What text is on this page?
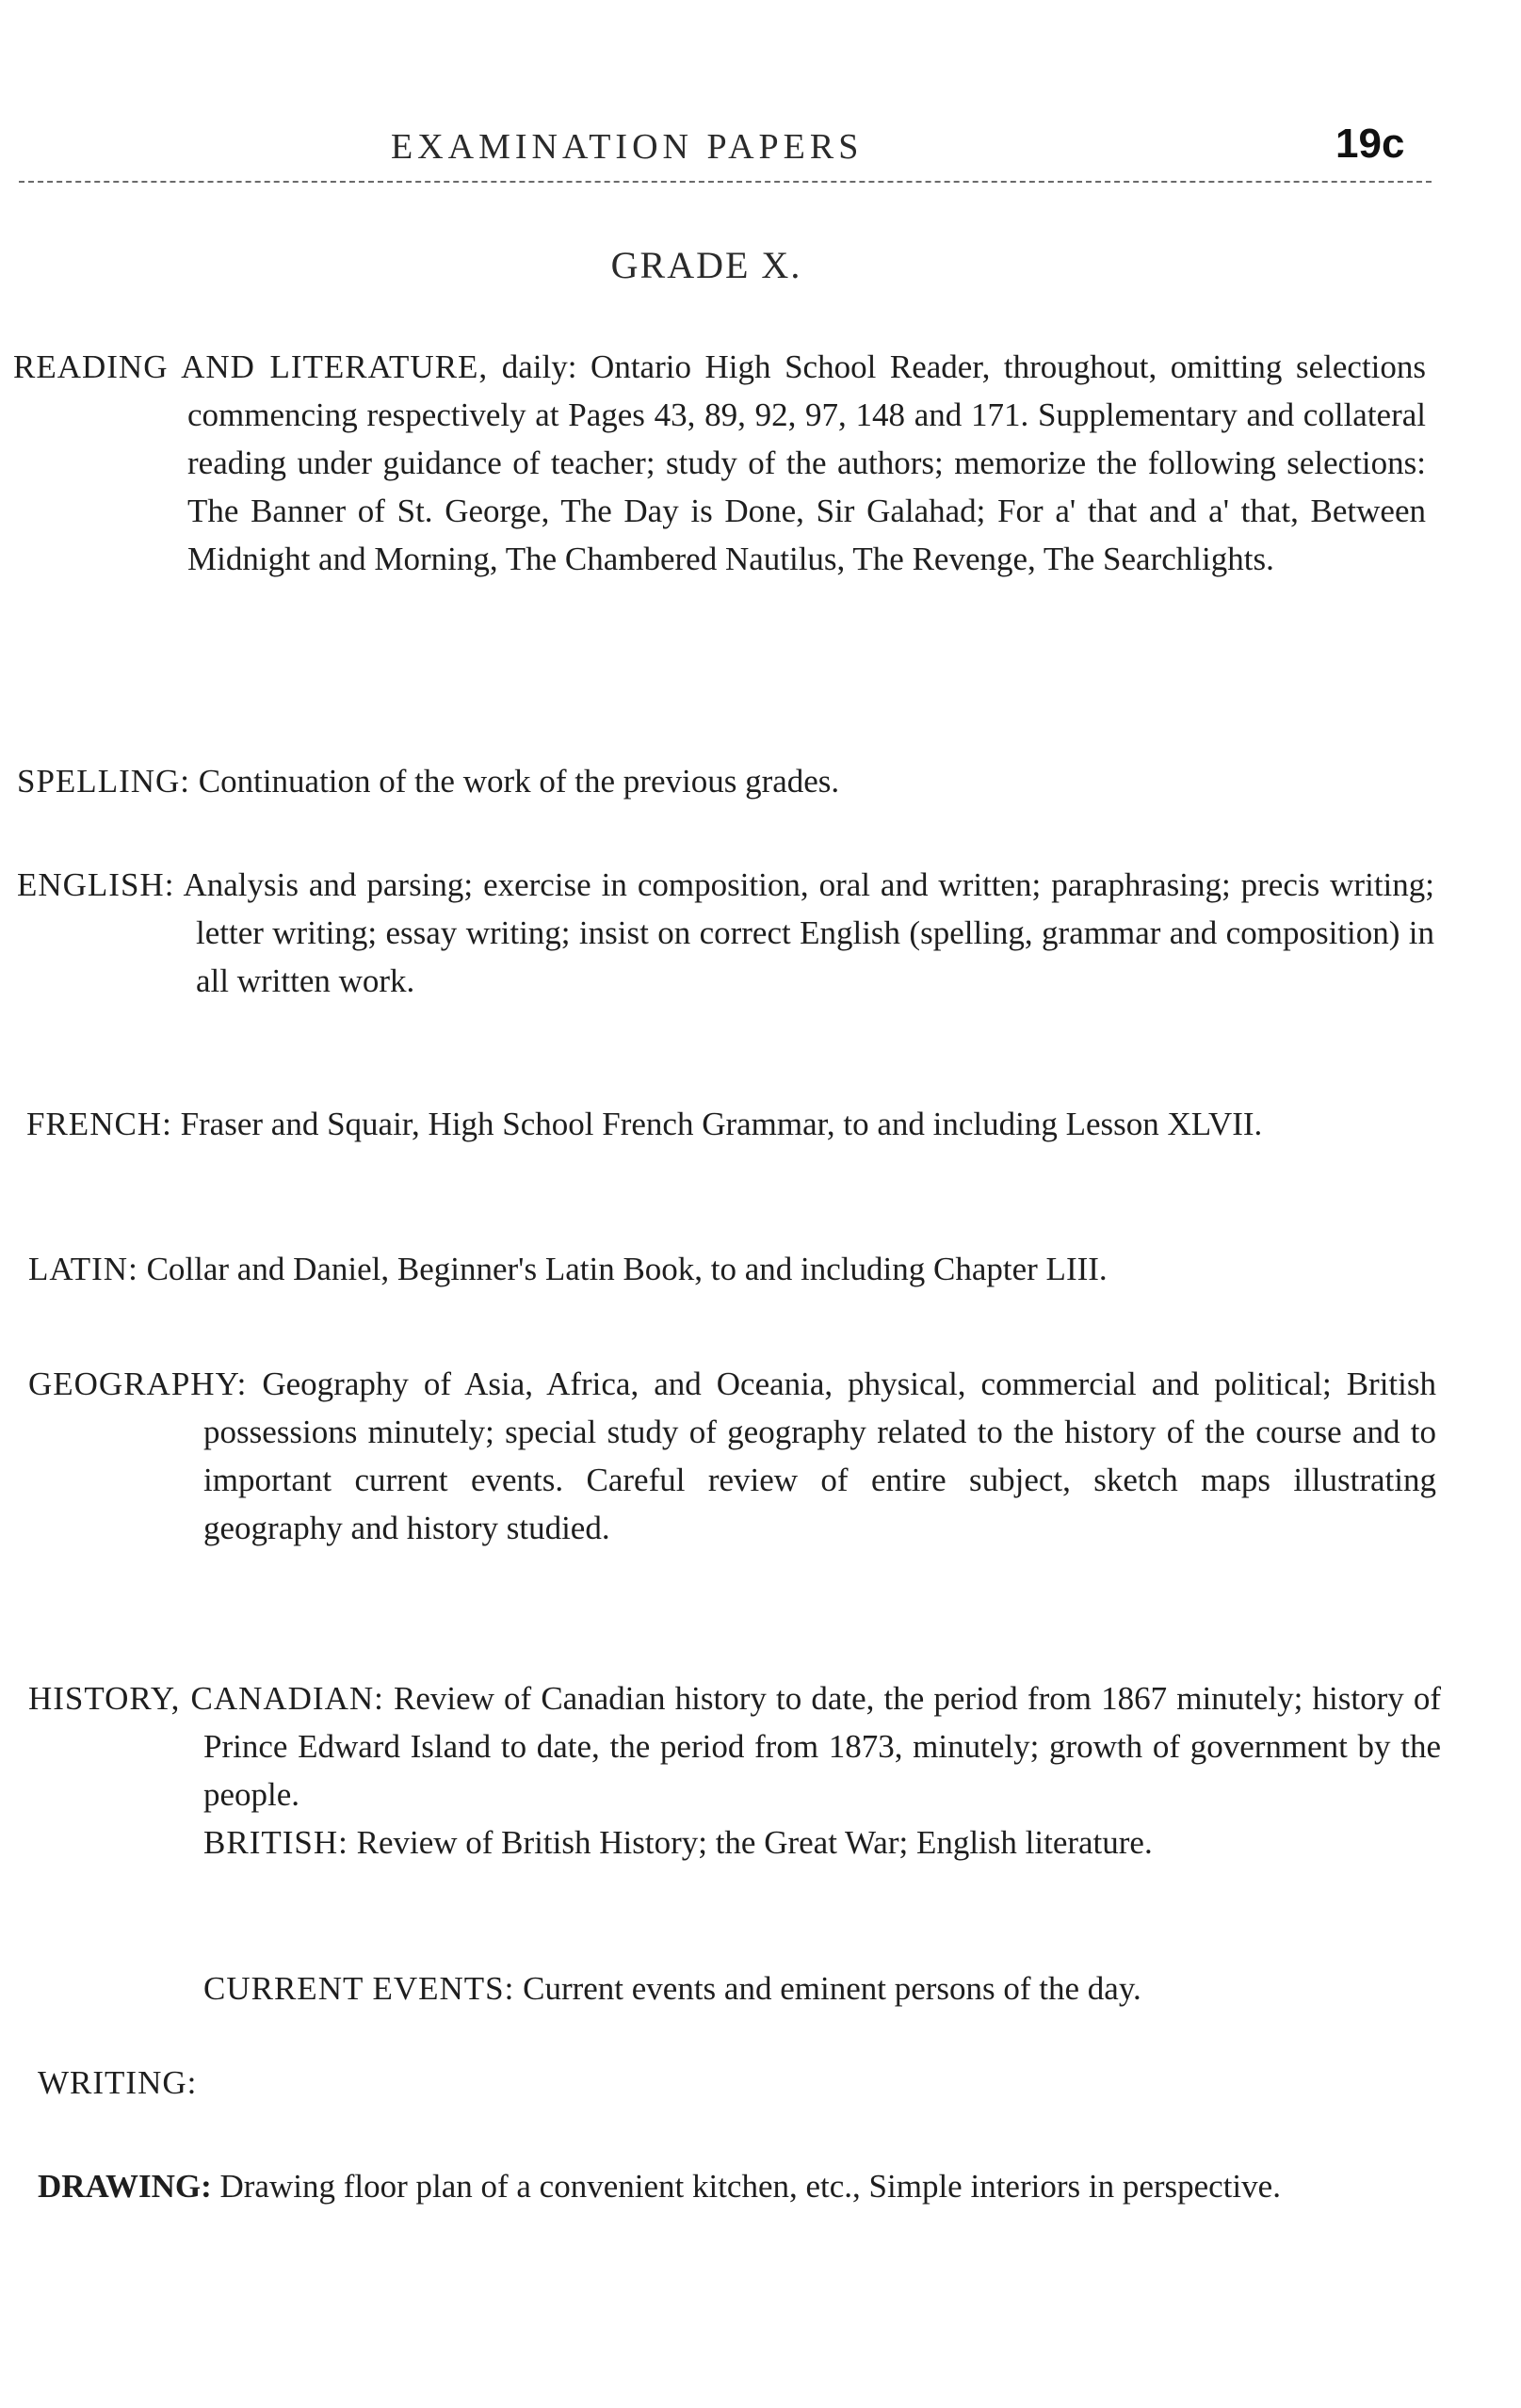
EXAMINATION PAPERS	19c
GRADE X.

READING AND LITERATURE, daily: Ontario High School Reader, throughout, omitting selections commencing respectively at Pages 43, 89, 92, 97, 148 and 171. Supplementary and collateral reading under guidance of teacher; study of the authors; memorize the following selections: The Banner of St. George, The Day is Done, Sir Galahad; For a' that and a' that, Between Midnight and Morning, The Chambered Nautilus, The Revenge, The Searchlights.

SPELLING: Continuation of the work of the previous grades.

ENGLISH: Analysis and parsing; exercise in composition, oral and written; paraphrasing; precis writing; letter writing; essay writing; insist on correct English (spelling, grammar and composition) in all written work.

FRENCH: Fraser and Squair, High School French Grammar, to and including Lesson XLVII.

LATIN: Collar and Daniel, Beginner's Latin Book, to and including Chapter LIII.

GEOGRAPHY: Geography of Asia, Africa, and Oceania, physical, commercial and political; British possessions minutely; special study of geography related to the history of the course and to important current events. Careful review of entire subject, sketch maps illustrating geography and history studied.

HISTORY, CANADIAN: Review of Canadian history to date, the period from 1867 minutely; history of Prince Edward Island to date, the period from 1873, minutely; growth of government by the people.

BRITISH: Review of British History; the Great War; English literature.

CURRENT EVENTS: Current events and eminent persons of the day.

WRITING:

DRAWING: Drawing floor plan of a convenient kitchen, etc., Simple interiors in perspective.
